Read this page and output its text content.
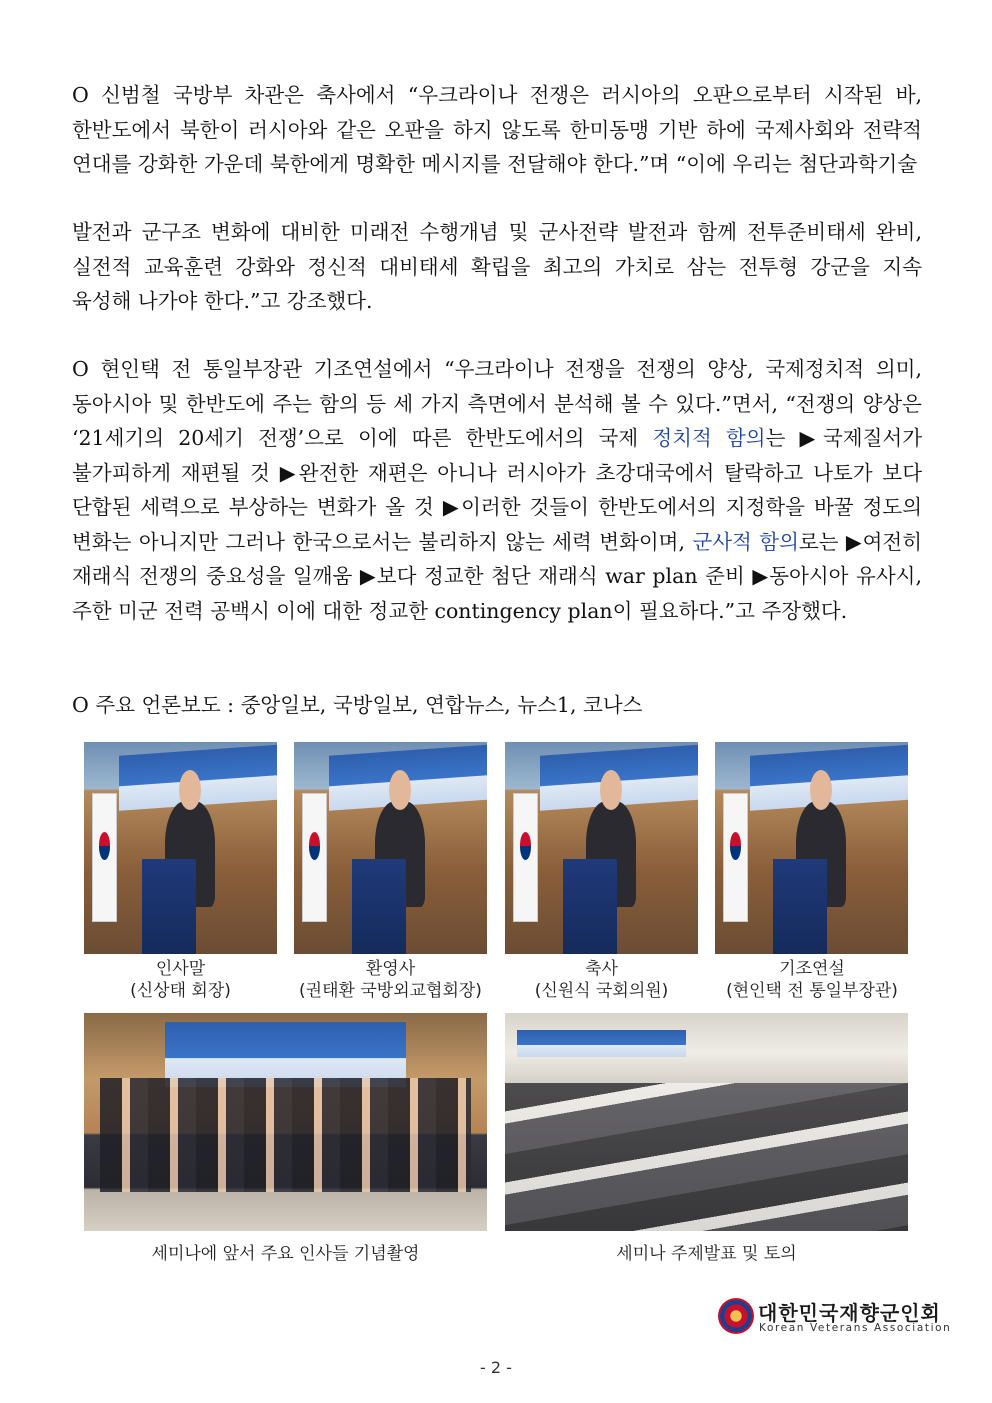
O 신범철 국방부 차관은 축사에서 “우크라이나 전쟁은 러시아의 오판으로부터 시작된 바, 한반도에서 북한이 러시아와 같은 오판을 하지 않도록 한미동맹 기반 하에 국제사회와 전략적 연대를 강화한 가운데 북한에게 명확한 메시지를 전달해야 한다.”며 “이에 우리는 첨단과학기술
발전과 군구조 변화에 대비한 미래전 수행개념 및 군사전략 발전과 함께 전투준비태세 완비, 실전적 교육훈련 강화와 정신적 대비태세 확립을 최고의 가치로 삼는 전투형 강군을 지속 육성해 나가야 한다.”고 강조했다.
O 현인택 전 통일부장관 기조연설에서 “우크라이나 전쟁을 전쟁의 양상, 국제정치적 의미, 동아시아 및 한반도에 주는 함의 등 세 가지 측면에서 분석해 볼 수 있다.”면서, “전쟁의 양상은 ‘21세기의 20세기 전쟁’으로 이에 따른 한반도에서의 국제 정치적 함의는 ▶국제질서가 불가피하게 재편될 것 ▶완전한 재편은 아니나 러시아가 초강대국에서 탈락하고 나토가 보다 단합된 세력으로 부상하는 변화가 올 것 ▶이러한 것들이 한반도에서의 지정학을 바꿀 정도의 변화는 아니지만 그러나 한국으로서는 불리하지 않는 세력 변화이며, 군사적 함의로는 ▶여전히 재래식 전쟁의 중요성을 일깨움 ▶보다 정교한 첨단 재래식 war plan 준비 ▶동아시아 유사시, 주한 미군 전력 공백시 이에 대한 정교한 contingency plan이 필요하다.”고 주장했다.
O 주요 언론보도 : 중앙일보, 국방일보, 연합뉴스, 뉴스1, 코나스
인사말
(신상태 회장)
환영사
(권태환 국방외교협회장)
축사
(신원식 국회의원)
기조연설
(현인택 전 통일부장관)
세미나에 앞서 주요 인사들 기념촬영	세미나 주제발표 및 토의
대한민국재향군인회
Korean Veterans Association
- 2 -
